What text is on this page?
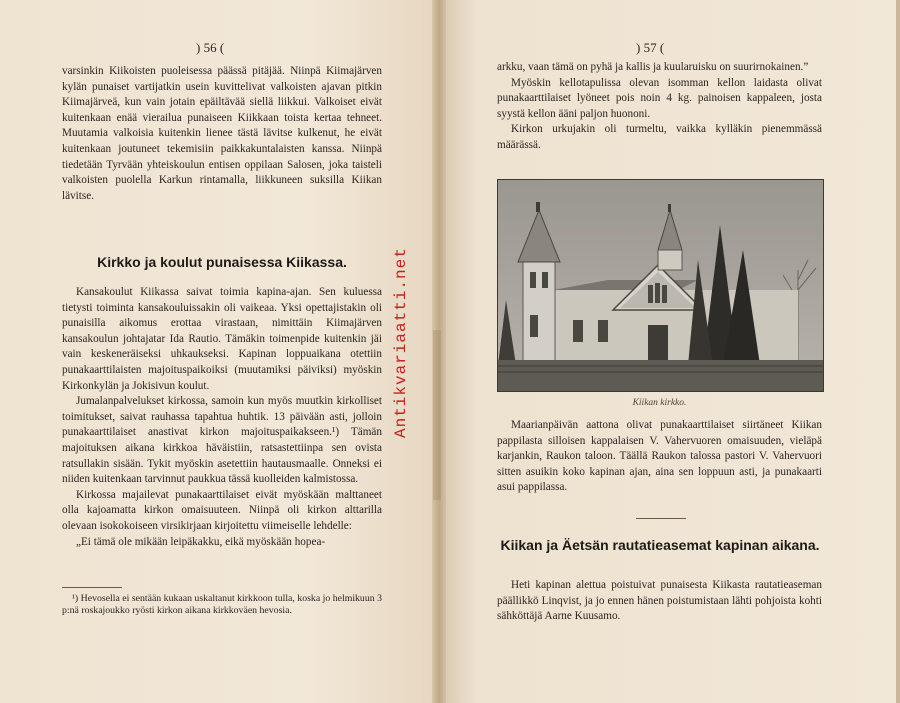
) 56 (

varsinkin Kiikoisten puoleisessa päässä pitäjää. Niinpä Kiimajärven kylän punaiset vartijatkin usein kuvittelivat valkoisten ajavan pitkin Kiimajärveä, kun vain jotain epäiltävää siellä liikkui. Valkoiset eivät kuitenkaan enää vierailua punaiseen Kiikkaan toista kertaa tehneet. Muutamia valkoisia kuitenkin lienee tästä lävitse kulkenut, he eivät kuitenkaan joutuneet tekemisiin paikkakuntalaisten kanssa. Niinpä tiedetään Tyrvään yhteiskoulun entisen oppilaan Salosen, joka taisteli valkoisten puolella Karkun rintamalla, liikkuneen suksilla Kiikan lävitse.

Kirkko ja koulut punaisessa Kiikassa.

Kansakoulut Kiikassa saivat toimia kapina-ajan. Sen kuluessa tietysti toiminta kansakouluissakin oli vaikeaa. Yksi opettajistakin oli punaisilla aikomus erottaa virastaan, nimittäin Kiimajärven kansakoulun johtajatar Ida Rautio. Tämäkin toimenpide kuitenkin jäi vain keskeneräiseksi uhkaukseksi. Kapinan loppuaikana otettiin punakaarttilaisten majoituspaikoiksi (muutamiksi päiviksi) myöskin Kirkonkylän ja Jokisivun koulut.

Jumalanpalvelukset kirkossa, samoin kun myös muutkin kirkolliset toimitukset, saivat rauhassa tapahtua huhtik. 13 päivään asti, jolloin punakaarttilaiset anastivat kirkon majoituspaikakseen.¹) Tämän majoituksen aikana kirkkoa häväistiin, ratsastettiinpa sen ovista ratsullakin sisään. Tykit myöskin asetettiin hautausmaalle. Onneksi ei niiden kuitenkaan tarvinnut paukkua tässä kuolleiden kalmistossa.

Kirkossa majailevat punakaarttilaiset eivät myöskään malttaneet olla kajoamatta kirkon omaisuuteen. Niinpä oli kirkon alttarilla olevaan isokokoiseen virsikirjaan kirjoitettu viimeiselle lehdelle:

„Ei tämä ole mikään leipäkakku, eikä myöskään hopea-

¹) Hevosella ei sentään kukaan uskaltanut kirkkoon tulla, koska jo helmikuun 3 p:nä roskajoukko ryösti kirkon aikana kirkkoväen hevosia.

Antikvariaatti.net
) 57 (

arkku, vaan tämä on pyhä ja kallis ja kuularuisku on suurirnokainen.”

Myöskin kellotapulissa olevan isomman kellon laidasta olivat punakaarttilaiset lyöneet pois noin 4 kg. painoisen kappaleen, josta syystä kellon ääni paljon huononi.

Kirkon urkujakin oli turmeltu, vaikka kylläkin pienemmässä määrässä.

Kiikan kirkko.

Maarianpäivän aattona olivat punakaarttilaiset siirtäneet Kiikan pappilasta silloisen kappalaisen V. Vahervuoren omaisuuden, vieläpä karjankin, Raukon taloon. Täällä Raukon talossa pastori V. Vahervuori sitten asuikin koko kapinan ajan, aina sen loppuun asti, ja punakaarti asui pappilassa.

Kiikan ja Äetsän rautatieasemat kapinan aikana.

Heti kapinan alettua poistuivat punaisesta Kiikasta rautatieaseman päällikkö Linqvist, ja jo ennen hänen poistumistaan lähti pohjoista kohti sähköttäjä Aarne Kuusamo.
